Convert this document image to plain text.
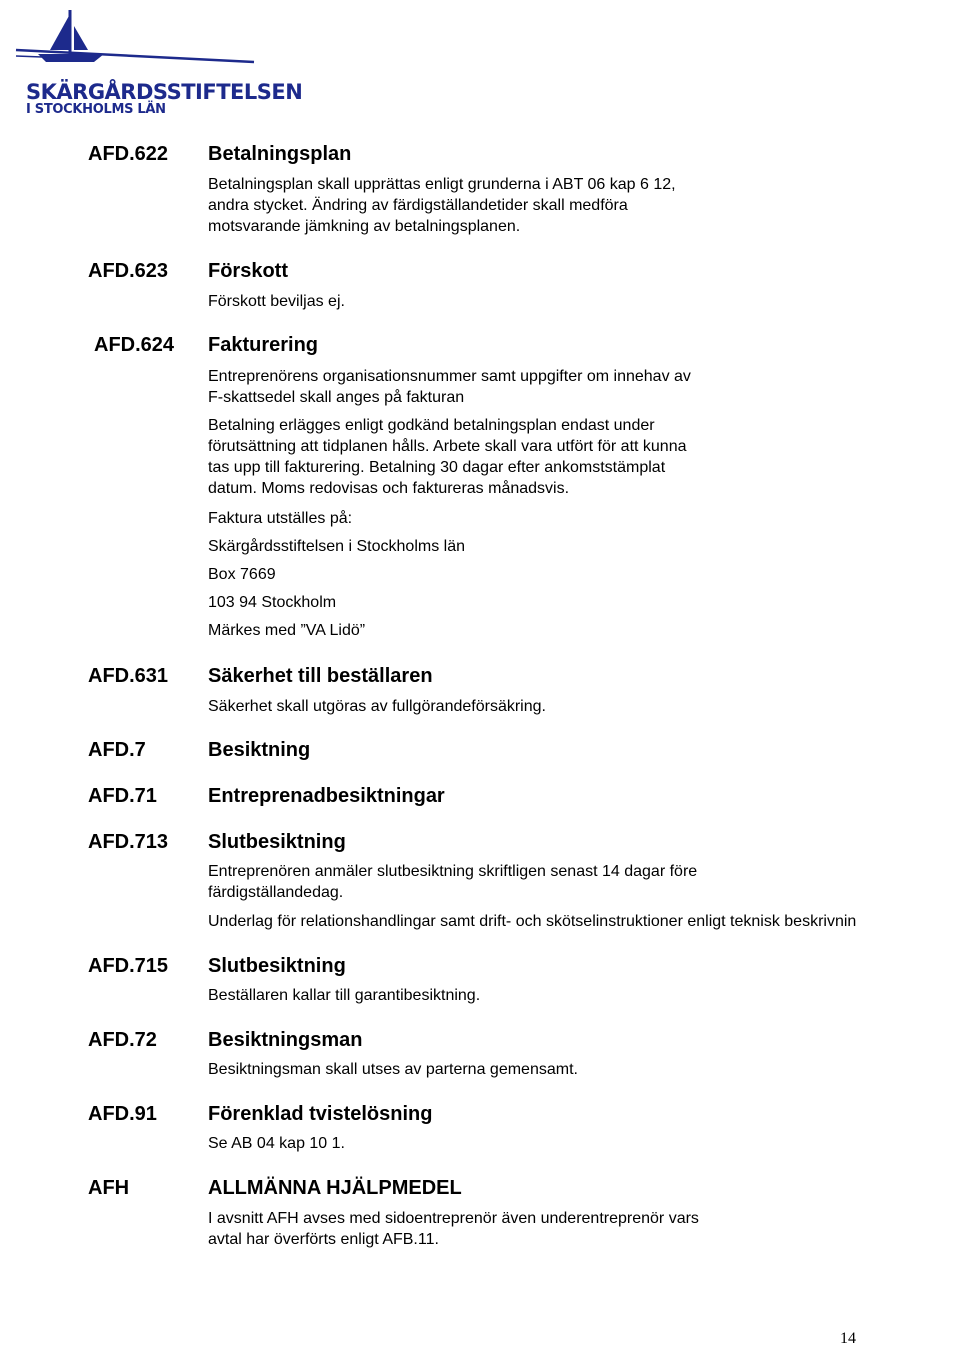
SKÄRGÅRDSSTIFTELSEN
I STOCKHOLMS LÄN
AFD.622 Betalningsplan
Betalningsplan skall upprättas enligt grunderna i ABT 06 kap 6 12,
andra stycket. Ändring av färdigställandetider skall medföra
motsvarande jämkning av betalningsplanen.
AFD.623 Förskott
Förskott beviljas ej.
AFD.624 Fakturering
Entreprenörens organisationsnummer samt uppgifter om innehav av
F-skattsedel skall anges på fakturan
Betalning erlägges enligt godkänd betalningsplan endast under
förutsättning att tidplanen hålls. Arbete skall vara utfört för att kunna
tas upp till fakturering. Betalning 30 dagar efter ankomststämplat
datum. Moms redovisas och faktureras månadsvis.
Faktura utställes på:
Skärgårdsstiftelsen i Stockholms län
Box 7669
103 94 Stockholm
Märkes med ”VA Lidö”
AFD.631 Säkerhet till beställaren
Säkerhet skall utgöras av fullgörandeförsäkring.
AFD.7	Besiktning
AFD.71	Entreprenadbesiktningar
AFD.713 Slutbesiktning
Entreprenören anmäler slutbesiktning skriftligen senast 14 dagar före
färdigställandedag.
Underlag för relationshandlingar samt drift- och skötselinstruktioner enligt teknisk beskrivnin
AFD.715 Slutbesiktning
Beställaren kallar till garantibesiktning.
AFD.72	Besiktningsman
Besiktningsman skall utses av parterna gemensamt.
AFD.91	Förenklad tvistelösning
Se AB 04 kap 10 1.
AFH	ALLMÄNNA HJÄLPMEDEL
I avsnitt AFH avses med sidoentreprenör även underentreprenör vars
avtal har överförts enligt AFB.11.
14
